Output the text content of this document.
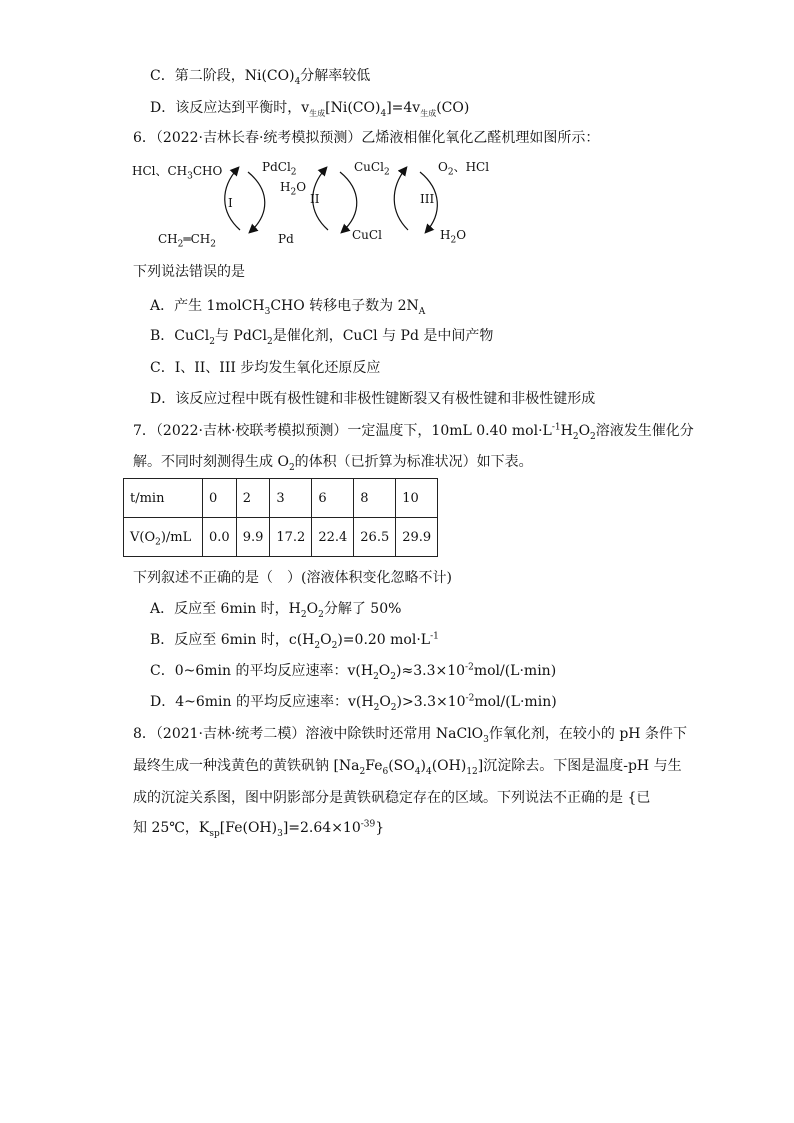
C．第二阶段，$Ni(CO)_4$分解率较低
D．该反应达到平衡时，$v_{生成}[Ni(CO)_4]=4v_{生成}(CO)$
6．（2022·吉林长春·统考模拟预测）乙烯液相催化氧化乙醛机理如图所示：
HCl、$CH_3CHO$	PdCl$_2$
$H_2O$
CuCl$_2$	$O_2$、HCl
I	II	III
$CH_2═CH_2$	Pd	CuCl	$H_2O$
下列说法错误的是
A．产生 1molCH$_3$CHO 转移电子数为 $2N_A$
B．CuCl$_2$与 PdCl$_2$是催化剂，CuCl 与 Pd 是中间产物
C．I、II、III 步均发生氧化还原反应
D．该反应过程中既有极性键和非极性键断裂又有极性键和非极性键形成
7．（2022·吉林·校联考模拟预测）一定温度下，10mL 0.40 $mol\cdot L^{-1}H_2O_2$溶液发生催化分
解。不同时刻测得生成 $O_2$的体积（已折算为标准状况）如下表。
t/min	0	2	3	6	8	10
$V(O_2)/mL$	0.0	9.9	17.2	22.4	26.5	29.9
下列叙述不正确的是（　）(溶液体积变化忽略不计)
A．反应至 6min 时，$H_2O_2$分解了 50%
B．反应至 6min 时，$c(H_2O_2)=0.20$ $mol\cdot L^{-1}$
C．0~6min 的平均反应速率：$v(H_2O_2)\approx 3.3\times 10^{-2}mol/(L\cdot\min)$
D．4~6min 的平均反应速率：$v(H_2O_2)>3.3\times 10^{-2}mol/(L\cdot\min)$
8．（2021·吉林·统考二模）溶液中除铁时还常用 NaClO$_3$作氧化剂，在较小的 pH 条件下
最终生成一种浅黄色的黄铁矾钠 $[Na_2Fe_6(SO_4)_4(OH)_{12}]$沉淀除去。下图是温度-pH 与生
成的沉淀关系图，图中阴影部分是黄铁矾稳定存在的区域。下列说法不正确的是 {已
知 25℃，$K_{sp}[Fe(OH)_3]=2.64\times 10^{-39}$}
